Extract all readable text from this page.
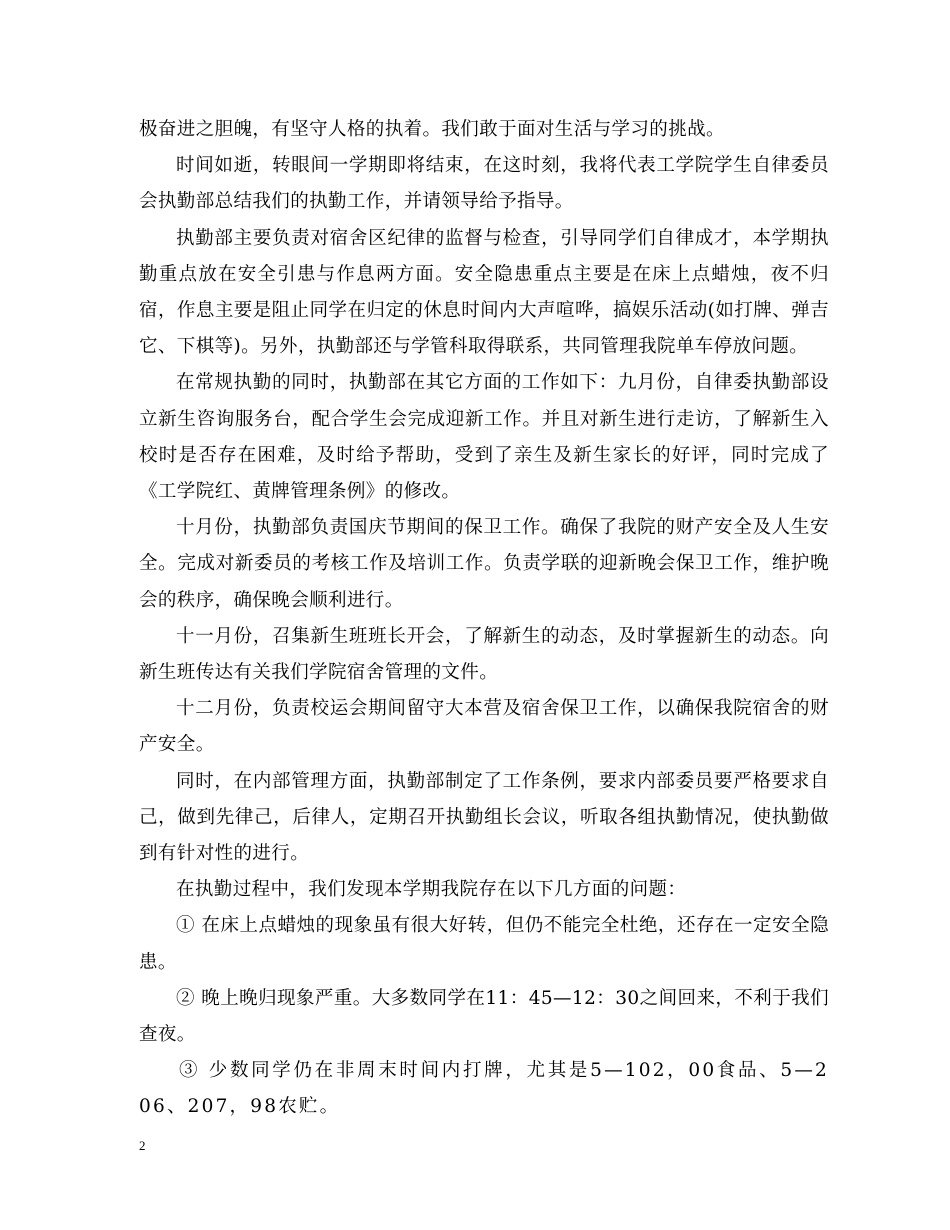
极奋进之胆魄，有坚守人格的执着。我们敢于面对生活与学习的挑战。

时间如逝，转眼间一学期即将结束，在这时刻，我将代表工学院学生自律委员会执勤部总结我们的执勤工作，并请领导给予指导。

执勤部主要负责对宿舍区纪律的监督与检查，引导同学们自律成才，本学期执勤重点放在安全引患与作息两方面。安全隐患重点主要是在床上点蜡烛，夜不归宿，作息主要是阻止同学在归定的休息时间内大声喧哗，搞娱乐活动(如打牌、弹吉它、下棋等)。另外，执勤部还与学管科取得联系，共同管理我院单车停放问题。

在常规执勤的同时，执勤部在其它方面的工作如下：九月份，自律委执勤部设立新生咨询服务台，配合学生会完成迎新工作。并且对新生进行走访，了解新生入校时是否存在困难，及时给予帮助，受到了亲生及新生家长的好评，同时完成了《工学院红、黄牌管理条例》的修改。

十月份，执勤部负责国庆节期间的保卫工作。确保了我院的财产安全及人生安全。完成对新委员的考核工作及培训工作。负责学联的迎新晚会保卫工作，维护晚会的秩序，确保晚会顺利进行。

十一月份，召集新生班班长开会，了解新生的动态，及时掌握新生的动态。向新生班传达有关我们学院宿舍管理的文件。

十二月份，负责校运会期间留守大本营及宿舍保卫工作，以确保我院宿舍的财产安全。

同时，在内部管理方面，执勤部制定了工作条例，要求内部委员要严格要求自己，做到先律己，后律人，定期召开执勤组长会议，听取各组执勤情况，使执勤做到有针对性的进行。

在执勤过程中，我们发现本学期我院存在以下几方面的问题：

① 在床上点蜡烛的现象虽有很大好转，但仍不能完全杜绝，还存在一定安全隐患。

② 晚上晚归现象严重。大多数同学在11：45—12：30之间回来，不利于我们查夜。

③ 少数同学仍在非周末时间内打牌，尤其是5—102，00食品、5—206、207，98农贮。

2
